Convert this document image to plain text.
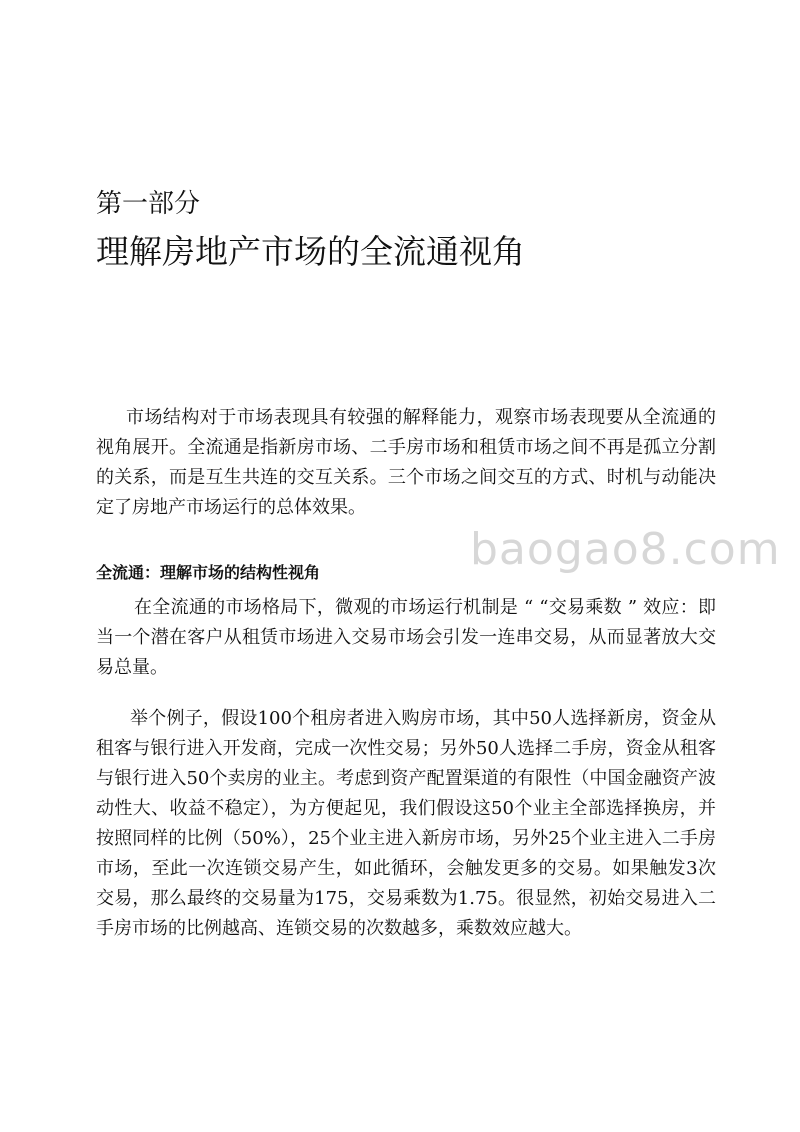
第一部分
理解房地产市场的全流通视角
baogao8.com
市场结构对于市场表现具有较强的解释能力，观察市场表现要从全流通的视角展开。全流通是指新房市场、二手房市场和租赁市场之间不再是孤立分割的关系，而是互生共连的交互关系。三个市场之间交互的方式、时机与动能决定了房地产市场运行的总体效果。
全流通：理解市场的结构性视角
在全流通的市场格局下，微观的市场运行机制是 “ “交易乘数 ” 效应：即当一个潜在客户从租赁市场进入交易市场会引发一连串交易，从而显著放大交易总量。
举个例子，假设100个租房者进入购房市场，其中50人选择新房，资金从租客与银行进入开发商，完成一次性交易；另外50人选择二手房，资金从租客与银行进入50个卖房的业主。考虑到资产配置渠道的有限性（中国金融资产波动性大、收益不稳定），为方便起见，我们假设这50个业主全部选择换房，并按照同样的比例（50%），25个业主进入新房市场，另外25个业主进入二手房市场，至此一次连锁交易产生，如此循环，会触发更多的交易。如果触发3次交易，那么最终的交易量为175，交易乘数为1.75。很显然，初始交易进入二手房市场的比例越高、连锁交易的次数越多，乘数效应越大。
